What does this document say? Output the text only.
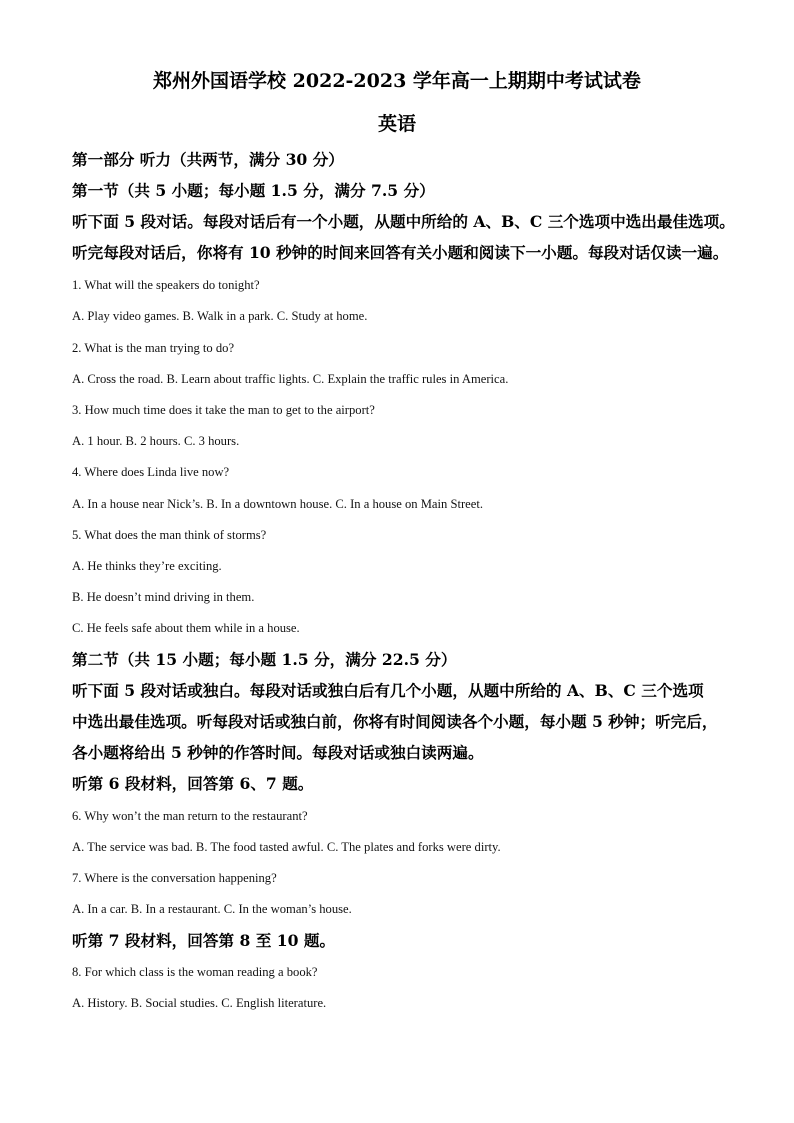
郑州外国语学校 2022-2023 学年高一上期期中考试试卷
英语
第一部分 听力（共两节，满分 30 分）
第一节（共 5 小题；每小题 1.5 分，满分 7.5 分）
听下面 5 段对话。每段对话后有一个小题，从题中所给的 A、B、C 三个选项中选出最佳选项。
听完每段对话后，你将有 10 秒钟的时间来回答有关小题和阅读下一小题。每段对话仅读一遍。
1. What will the speakers do tonight?
A. Play video games. B. Walk in a park. C. Study at home.
2. What is the man trying to do?
A. Cross the road. B. Learn about traffic lights. C. Explain the traffic rules in America.
3. How much time does it take the man to get to the airport?
A. 1 hour. B. 2 hours. C. 3 hours.
4. Where does Linda live now?
A. In a house near Nick’s. B. In a downtown house. C. In a house on Main Street.
5. What does the man think of storms?
A. He thinks they’re exciting.
B. He doesn’t mind driving in them.
C. He feels safe about them while in a house.
第二节（共 15 小题；每小题 1.5 分，满分 22.5 分）
听下面 5 段对话或独白。每段对话或独白后有几个小题，从题中所给的 A、B、C 三个选项
中选出最佳选项。听每段对话或独白前，你将有时间阅读各个小题，每小题 5 秒钟；听完后，
各小题将给出 5 秒钟的作答时间。每段对话或独白读两遍。
听第 6 段材料，回答第 6、7 题。
6. Why won’t the man return to the restaurant?
A. The service was bad. B. The food tasted awful. C. The plates and forks were dirty.
7. Where is the conversation happening?
A. In a car. B. In a restaurant. C. In the woman’s house.
听第 7 段材料，回答第 8 至 10 题。
8. For which class is the woman reading a book?
A. History. B. Social studies. C. English literature.
